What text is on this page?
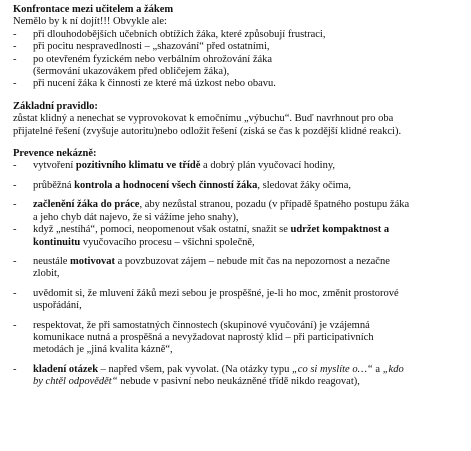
Konfrontace mezi učitelem a žákem
Nemělo by k ní dojít!!! Obvykle ale:
-	při dlouhodobějších učebních obtížích žáka, které způsobují frustraci,
-	při pocitu nespravedlnosti – „shazování“ před ostatními,
-	po otevřeném fyzickém nebo verbálním ohrožování žáka
(šermování ukazovákem před obličejem žáka),
-	při nucení žáka k činnosti ze které má úzkost nebo obavu.
Základní pravidlo:
zůstat klidný a nenechat se vyprovokovat k emočnímu „výbuchu“. Buď navrhnout pro oba
přijatelné řešení (zvyšuje autoritu)nebo odložit řešení (získá se čas k pozdější klidné reakci).
Prevence nekázně:
-	vytvoření pozitivního klimatu ve třídě a dobrý plán vyučovací hodiny,
-	průběžná kontrola a hodnocení všech činností žáka, sledovat žáky očima,
-	začlenění žáka do práce, aby nezůstal stranou, pozadu (v případě špatného postupu žáka
a jeho chyb dát najevo, že si vážíme jeho snahy),
-	když „nestíhá“, pomoci, neopomenout však ostatní, snažit se udržet kompaktnost a
kontinuitu vyučovacího procesu – všichni společně,
-	neustále motivovat a povzbuzovat zájem – nebude mít čas na nepozornost a nezačne
zlobit,
-	uvědomit si, že mluvení žáků mezi sebou je prospěšné, je-li ho moc, změnit prostorové
uspořádání,
-	respektovat, že při samostatných činnostech (skupinové vyučování) je vzájemná
komunikace nutná a prospěšná a nevyžadovat naprostý klid – při participativních
metodách je „jiná kvalita kázně“,
-	kladení otázek – napřed všem, pak vyvolat. (Na otázky typu „co si myslíte o…“ a „kdo
by chtěl odpovědět“ nebude v pasivní nebo neukázněné třídě nikdo reagovat),
